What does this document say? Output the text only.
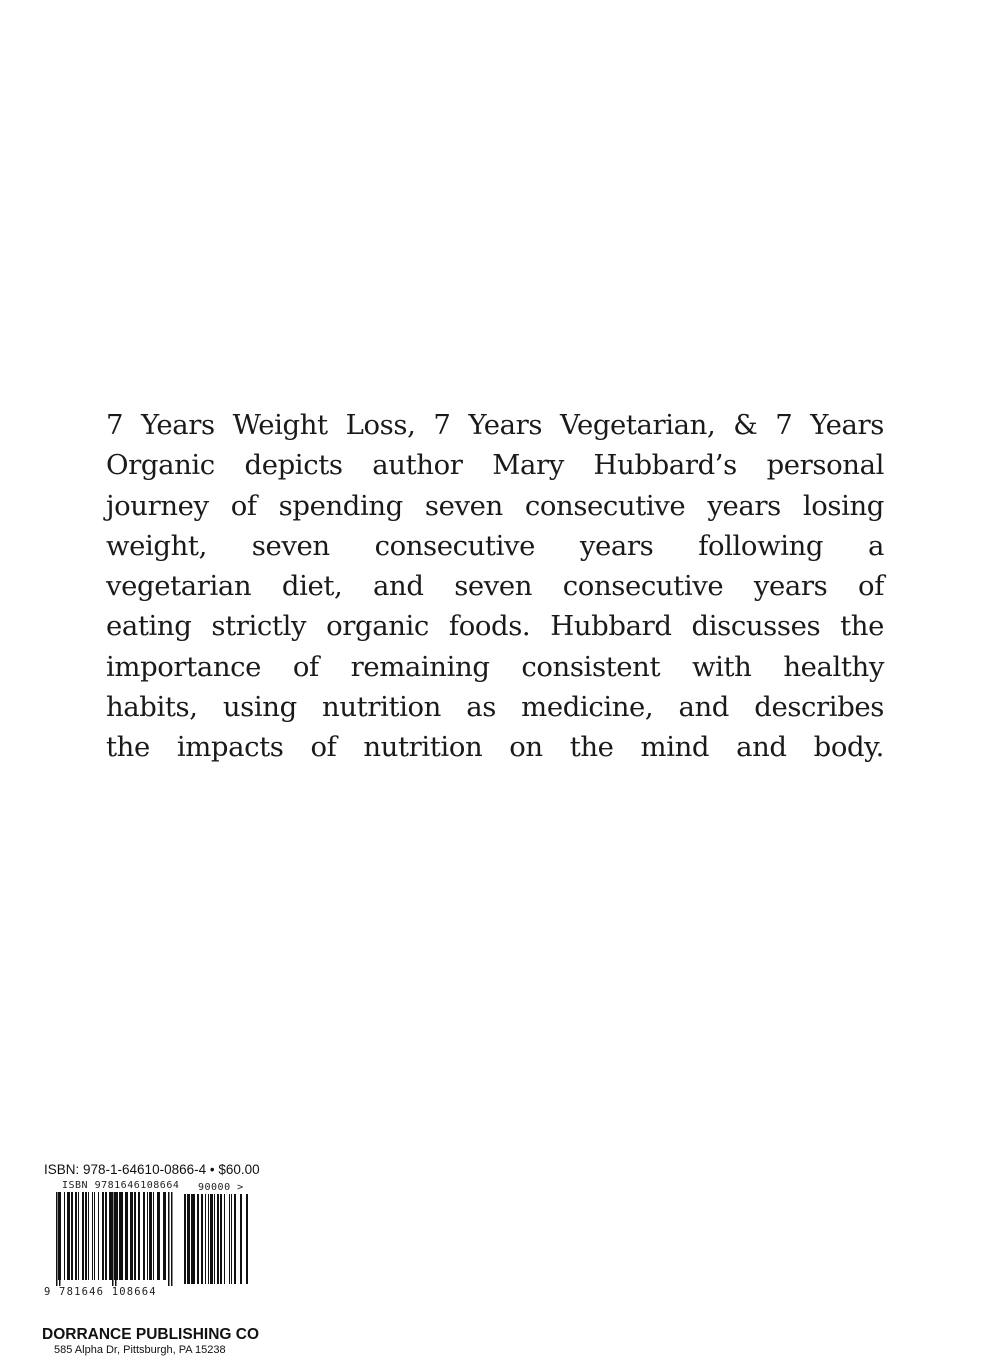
7 Years Weight Loss, 7 Years Vegetarian, & 7 Years
Organic depicts author Mary Hubbard’s personal
journey of spending seven consecutive years losing
weight, seven consecutive years following a
vegetarian diet, and seven consecutive years of
eating strictly organic foods. Hubbard discusses the
importance of remaining consistent with healthy
habits, using nutrition as medicine, and describes
the impacts of nutrition on the mind and body.
ISBN: 978-1-64610-0866-4 • $60.00
ISBN 9781646108664 90000 >
9 781646 108664
DORRANCE PUBLISHING CO
585 Alpha Dr, Pittsburgh, PA 15238
